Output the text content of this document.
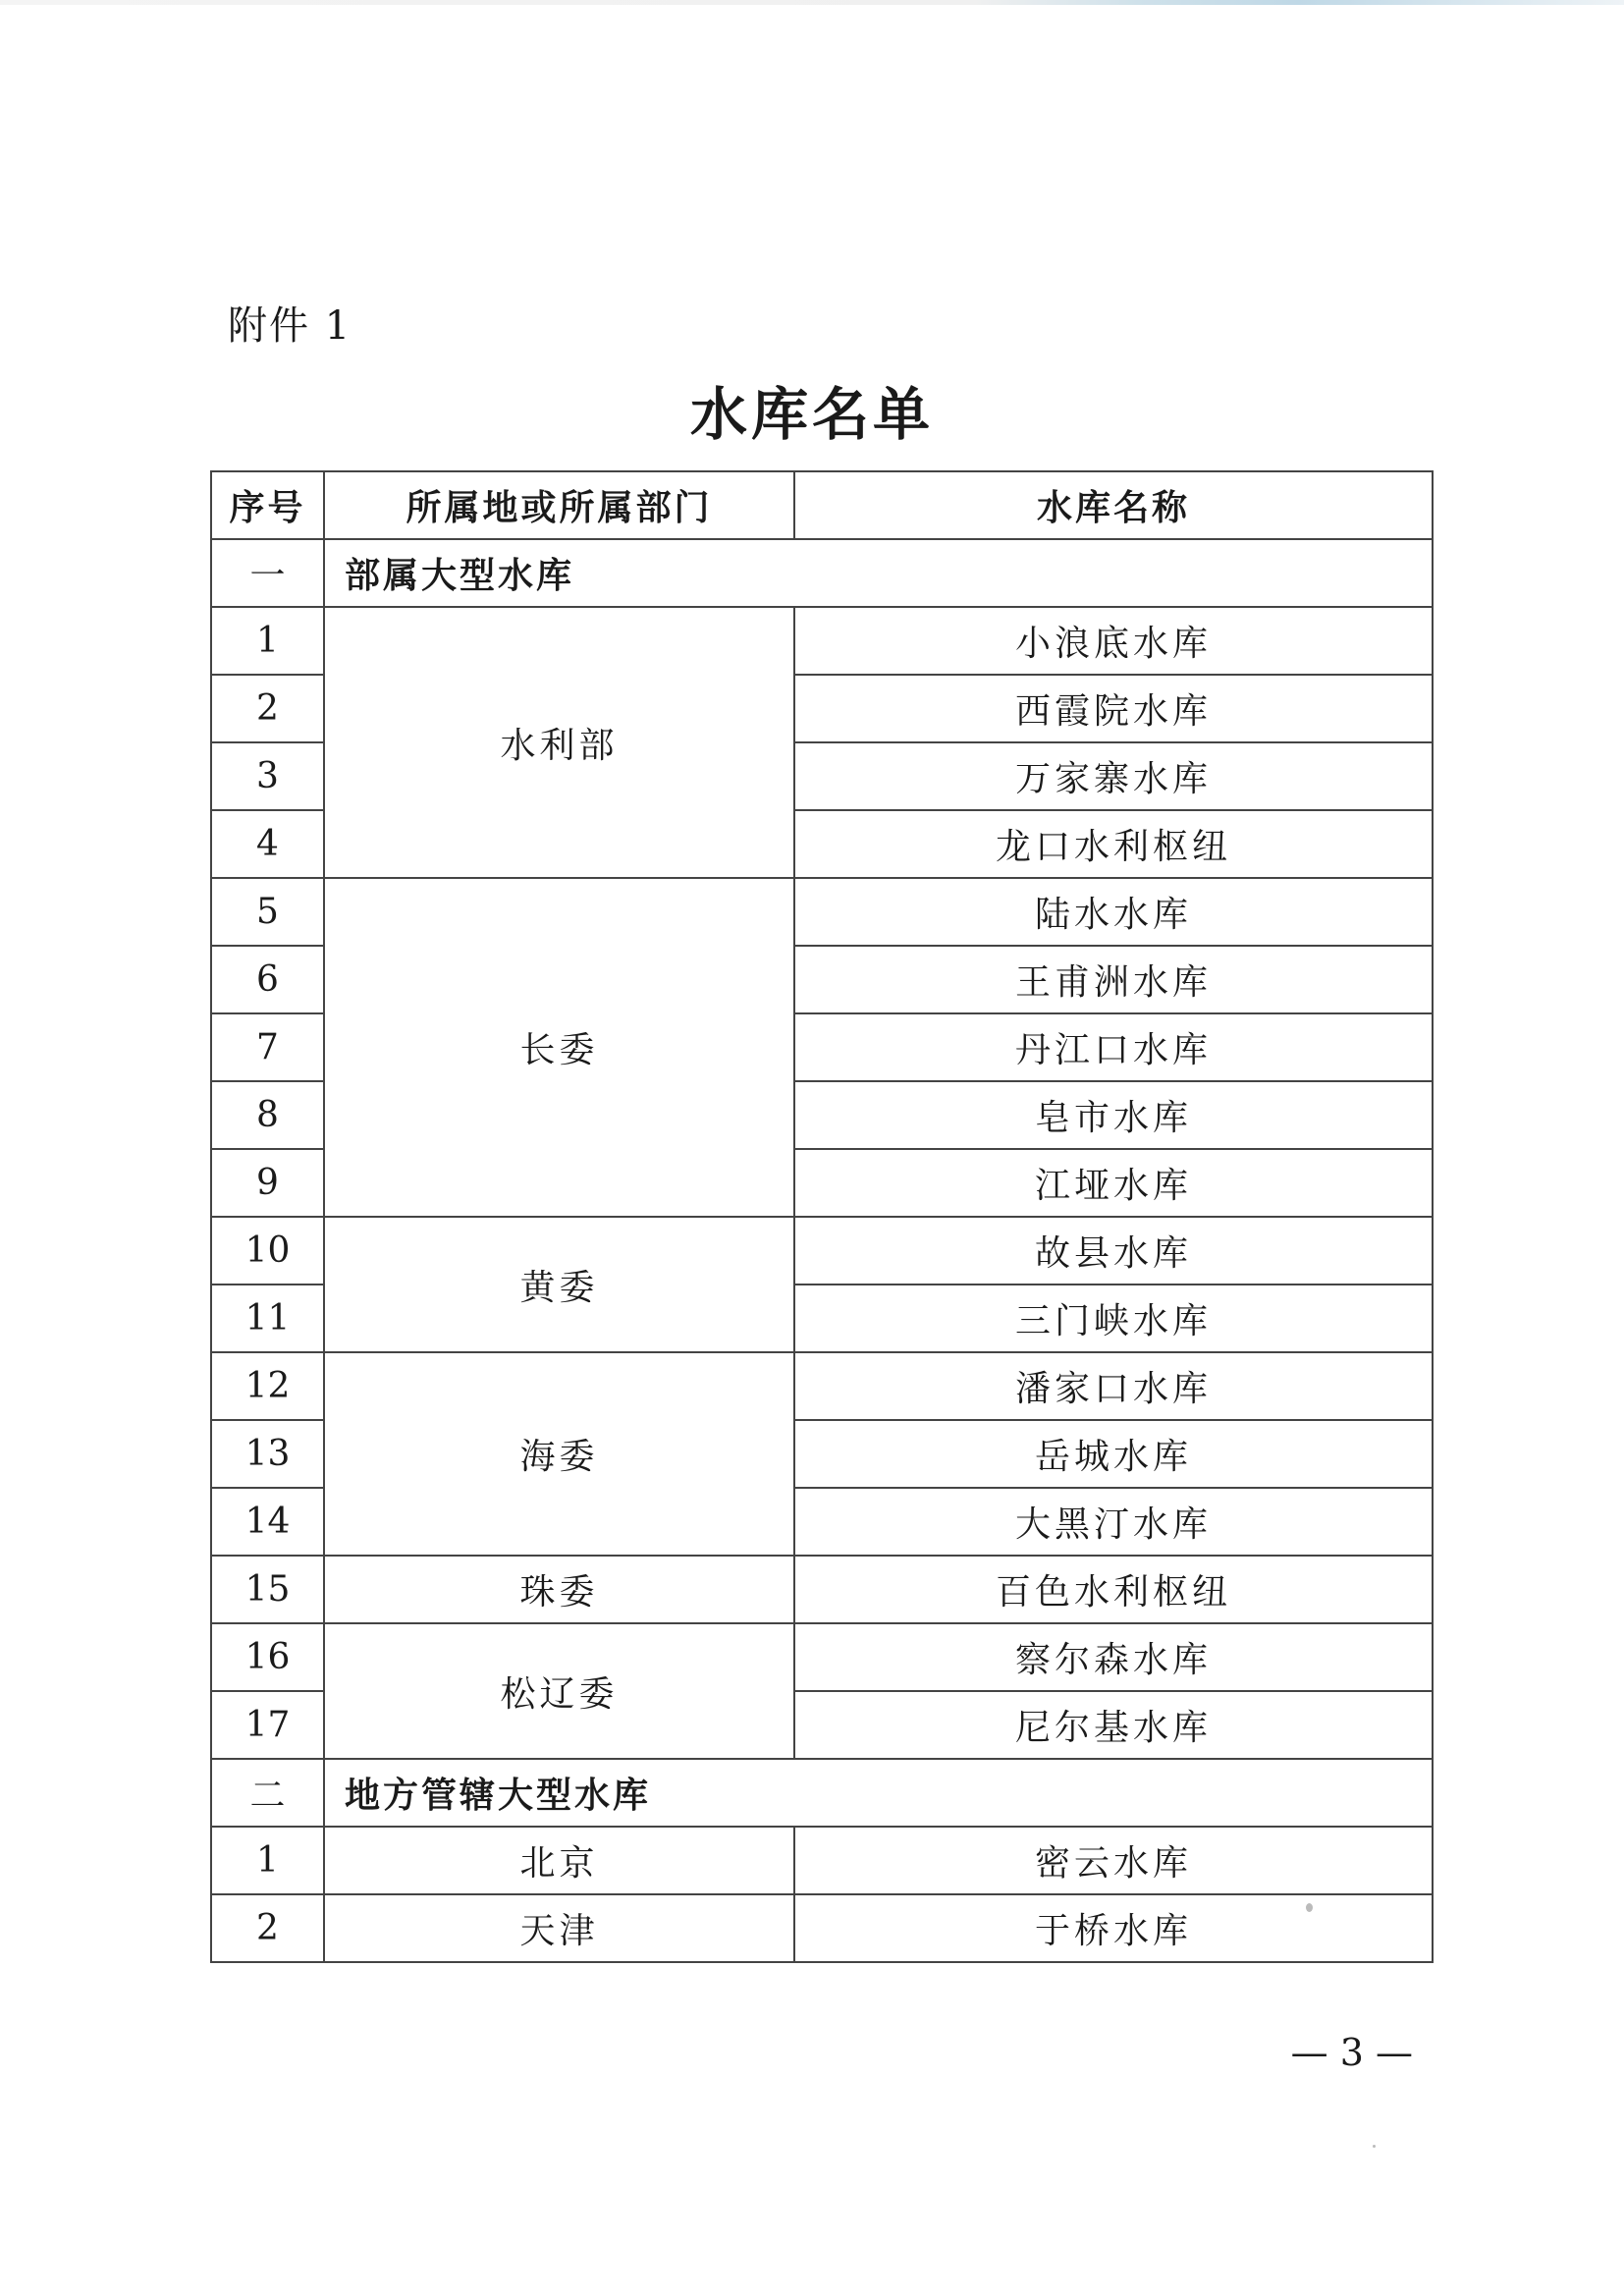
附件 1
水库名单
序号	所属地或所属部门	水库名称
一	部属大型水库	
1	水利部	小浪底水库
2		西霞院水库
3		万家寨水库
4		龙口水利枢纽
5	长委	陆水水库
6		王甫洲水库
7		丹江口水库
8		皂市水库
9		江垭水库
10	黄委	故县水库
11		三门峡水库
12	海委	潘家口水库
13		岳城水库
14		大黑汀水库
15	珠委	百色水利枢纽
16	松辽委	察尔森水库
17		尼尔基水库
二	地方管辖大型水库	
1	北京	密云水库
2	天津	于桥水库
— 3 —
